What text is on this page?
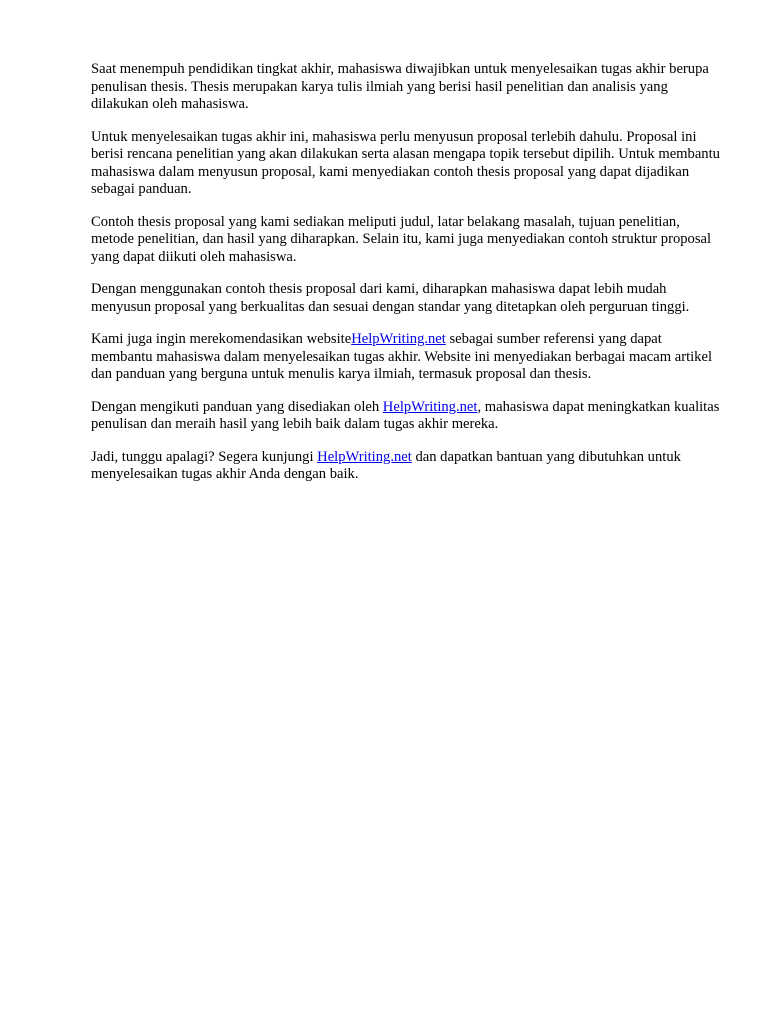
Saat menempuh pendidikan tingkat akhir, mahasiswa diwajibkan untuk menyelesaikan tugas akhir berupa penulisan thesis. Thesis merupakan karya tulis ilmiah yang berisi hasil penelitian dan analisis yang dilakukan oleh mahasiswa.

Untuk menyelesaikan tugas akhir ini, mahasiswa perlu menyusun proposal terlebih dahulu. Proposal ini berisi rencana penelitian yang akan dilakukan serta alasan mengapa topik tersebut dipilih. Untuk membantu mahasiswa dalam menyusun proposal, kami menyediakan contoh thesis proposal yang dapat dijadikan sebagai panduan.

Contoh thesis proposal yang kami sediakan meliputi judul, latar belakang masalah, tujuan penelitian, metode penelitian, dan hasil yang diharapkan. Selain itu, kami juga menyediakan contoh struktur proposal yang dapat diikuti oleh mahasiswa.

Dengan menggunakan contoh thesis proposal dari kami, diharapkan mahasiswa dapat lebih mudah menyusun proposal yang berkualitas dan sesuai dengan standar yang ditetapkan oleh perguruan tinggi.

Kami juga ingin merekomendasikan websiteHelpWriting.net sebagai sumber referensi yang dapat membantu mahasiswa dalam menyelesaikan tugas akhir. Website ini menyediakan berbagai macam artikel dan panduan yang berguna untuk menulis karya ilmiah, termasuk proposal dan thesis.

Dengan mengikuti panduan yang disediakan oleh HelpWriting.net, mahasiswa dapat meningkatkan kualitas penulisan dan meraih hasil yang lebih baik dalam tugas akhir mereka.

Jadi, tunggu apalagi? Segera kunjungi HelpWriting.net dan dapatkan bantuan yang dibutuhkan untuk menyelesaikan tugas akhir Anda dengan baik.
